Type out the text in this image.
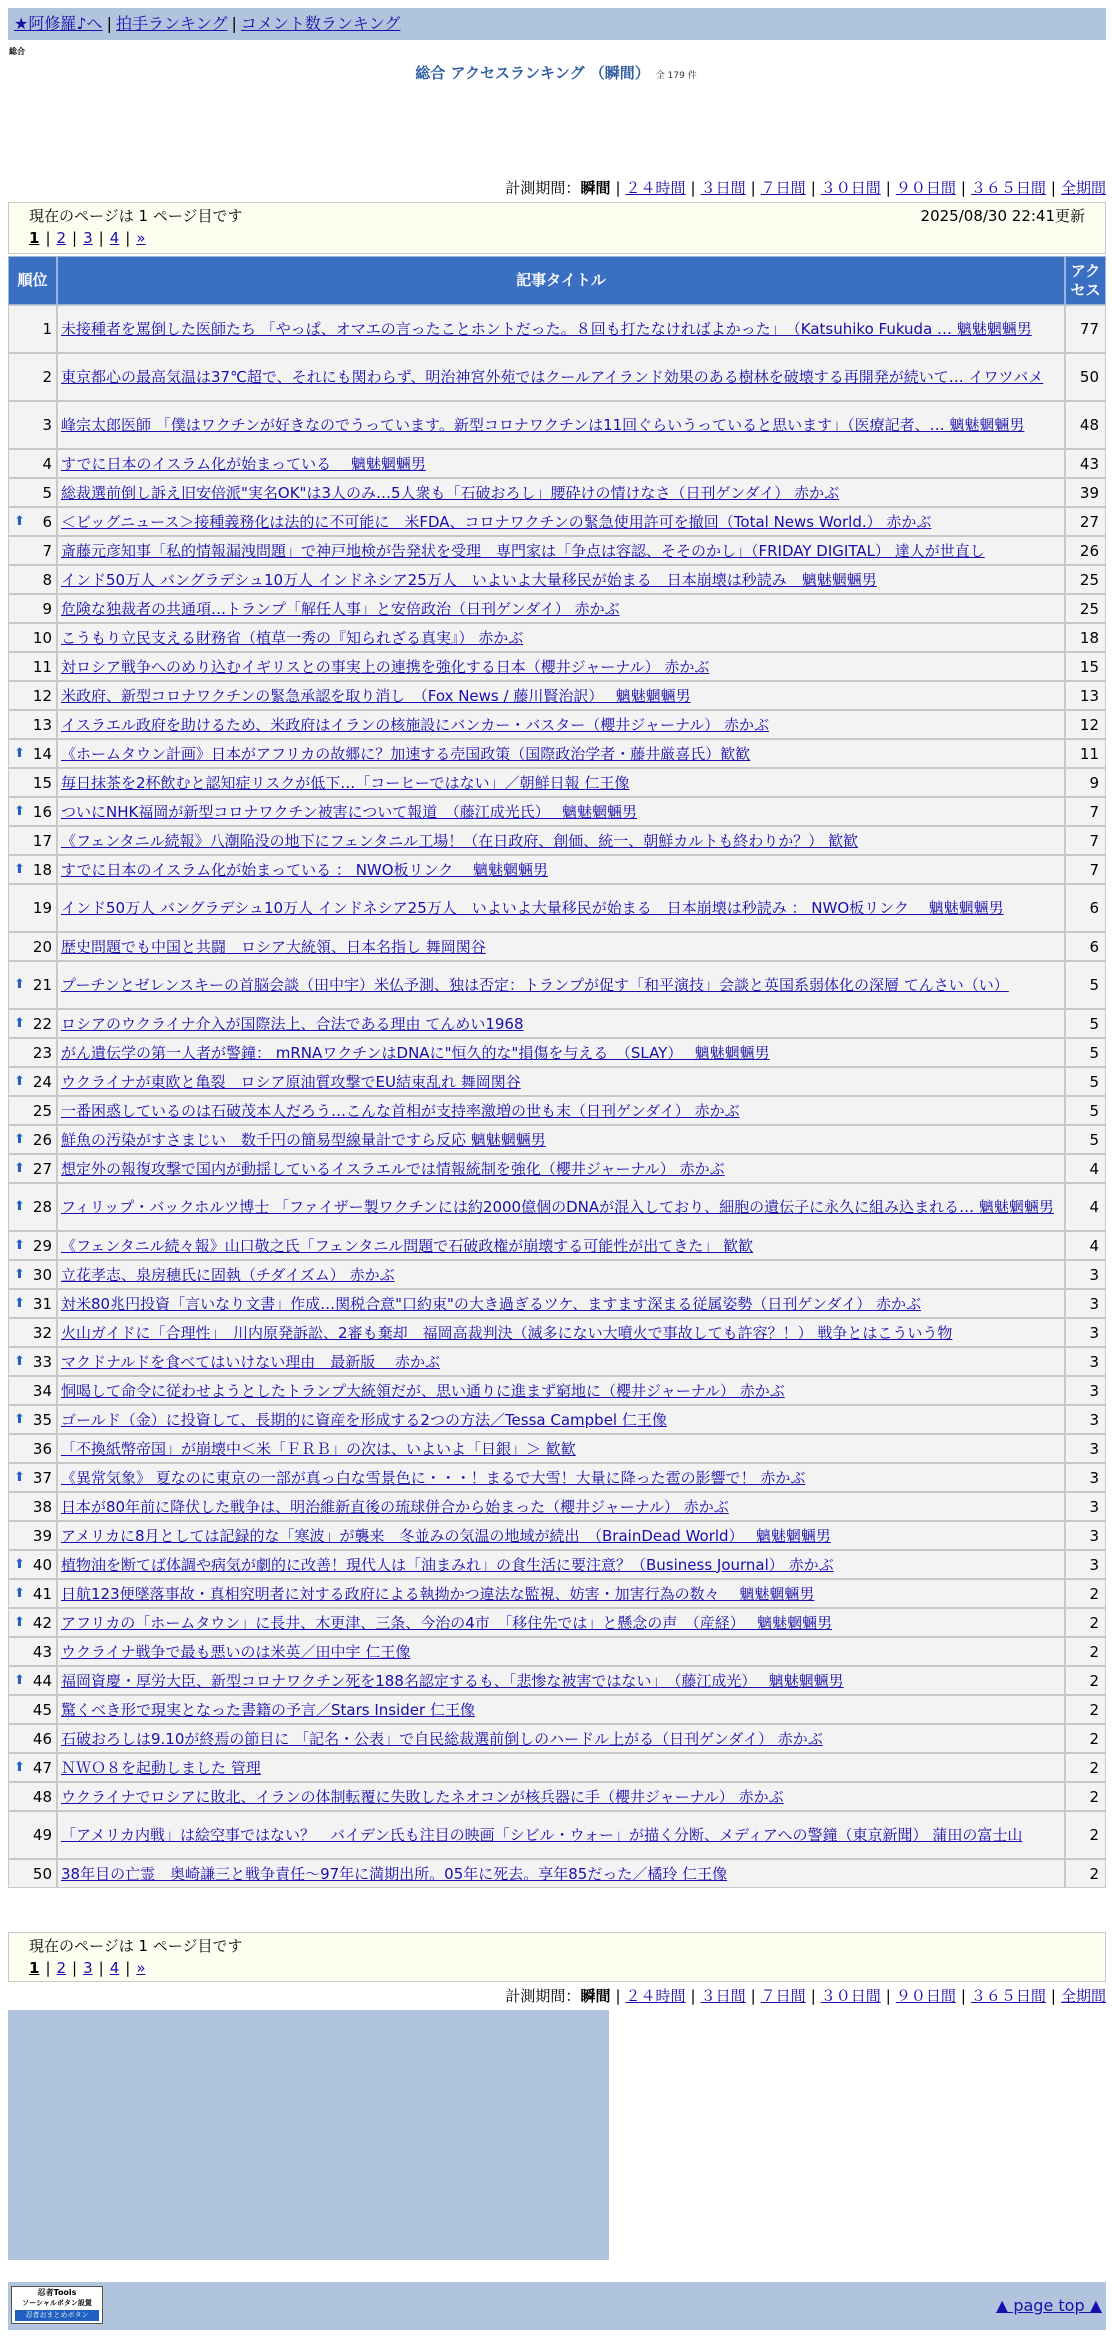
★阿修羅♪へ | 拍手ランキング | コメント数ランキング
総合
総合 アクセスランキング （瞬間） 全 179 件
計測期間：瞬間 | ２４時間 | ３日間 | ７日間 | ３０日間 | ９０日間 | ３６５日間 | 全期間
現在のページは 1 ページ目です	2025/08/30 22:41更新
1 | 2 | 3 | 4 | »
順位	記事タイトル	アクセス
1	未接種者を罵倒した医師たち 「やっぱ、オマエの言ったことホントだった。８回も打たなければよかった」　（Katsuhiko Fukuda … 魑魅魍魎男	77
2	東京都心の最高気温は37℃超で、それにも関わらず、明治神宮外苑ではクールアイランド効果のある樹林を破壊する再開発が続いて… イワツバメ	50
3	峰宗太郎医師 「僕はワクチンが好きなのでうっています。新型コロナワクチンは11回ぐらいうっていると思います」（医療記者、… 魑魅魍魎男	48
4	すでに日本のイスラム化が始まっている　 魑魅魍魎男	43
5	総裁選前倒し訴え旧安倍派"実名OK"は3人のみ…5人衆も「石破おろし」腰砕けの情けなさ（日刊ゲンダイ） 赤かぶ	39

⬆ 6	＜ビッグニュース＞接種義務化は法的に不可能に　米FDA、コロナワクチンの緊急使用許可を撤回（Total News World.） 赤かぶ	27
7	斎藤元彦知事「私的情報漏洩問題」で神戸地検が告発状を受理　専門家は「争点は容認、そそのかし」（FRIDAY DIGITAL） 達人が世直し	26
8	インド50万人 バングラデシュ10万人 インドネシア25万人　いよいよ大量移民が始まる　日本崩壊は秒読み　魑魅魍魎男	25
9	危険な独裁者の共通項…トランプ「解任人事」と安倍政治（日刊ゲンダイ） 赤かぶ	25
10	こうもり立民支える財務省（植草一秀の『知られざる真実』） 赤かぶ	18
11	対ロシア戦争へのめり込むイギリスとの事実上の連携を強化する日本（櫻井ジャーナル） 赤かぶ	15
12	米政府、新型コロナワクチンの緊急承認を取り消し　（Fox News / 藤川賢治訳）　 魑魅魍魎男	13
13	イスラエル政府を助けるため、米政府はイランの核施設にバンカー・バスター（櫻井ジャーナル） 赤かぶ	12

⬆ 14	《ホームタウン計画》日本がアフリカの故郷に？加速する売国政策（国際政治学者・藤井厳喜氏）歓歓	11
15	毎日抹茶を2杯飲むと認知症リスクが低下…「コーヒーではない」／朝鮮日報 仁王像	9

⬆ 16	ついにNHK福岡が新型コロナワクチン被害について報道　（藤江成光氏）　 魑魅魍魎男	7
17	《フェンタニル続報》八潮陥没の地下にフェンタニル工場！（在日政府、創価、統一、朝鮮カルトも終わりか？） 歓歓	7

⬆ 18	すでに日本のイスラム化が始まっている ： NWO板リンク　 魑魅魍魎男	7
19	インド50万人 バングラデシュ10万人 インドネシア25万人　いよいよ大量移民が始まる　日本崩壊は秒読み ： NWO板リンク　 魑魅魍魎男	6
20	歴史問題でも中国と共闘　ロシア大統領、日本名指し 舞岡関谷	6

⬆ 21	プーチンとゼレンスキーの首脳会談（田中宇）米仏予測、独は否定：トランプが促す「和平演技」会談と英国系弱体化の深層 てんさい（い）	5

⬆ 22	ロシアのウクライナ介入が国際法上、合法である理由 てんめい1968	5
23	がん遺伝学の第一人者が警鐘： mRNAワクチンはDNAに"恒久的な"損傷を与える　（SLAY）　 魑魅魍魎男	5

⬆ 24	ウクライナが東欧と亀裂　ロシア原油質攻撃でEU結束乱れ 舞岡関谷	5
25	一番困惑しているのは石破茂本人だろう…こんな首相が支持率激増の世も末（日刊ゲンダイ） 赤かぶ	5

⬆ 26	鮮魚の汚染がすさまじい　数千円の簡易型線量計ですら反応 魑魅魍魎男	5

⬆ 27	想定外の報復攻撃で国内が動揺しているイスラエルでは情報統制を強化（櫻井ジャーナル） 赤かぶ	4

⬆ 28	フィリップ・バックホルツ博士 「ファイザー製ワクチンには約2000億個のDNAが混入しており、細胞の遺伝子に永久に組み込まれる… 魑魅魍魎男	4

⬆ 29	《フェンタニル続々報》山口敬之氏「フェンタニル問題で石破政権が崩壊する可能性が出てきた」 歓歓	4

⬆ 30	立花孝志、泉房穂氏に固執（チダイズム） 赤かぶ	3

⬆ 31	対米80兆円投資「言いなり文書」作成…関税合意"口約束"の大き過ぎるツケ、ますます深まる従属姿勢（日刊ゲンダイ） 赤かぶ	3
32	火山ガイドに「合理性」　川内原発訴訟、2審も棄却　福岡高裁判決（滅多にない大噴火で事故しても許容？！） 戦争とはこういう物	3

⬆ 33	マクドナルドを食べてはいけない理由　最新版　 赤かぶ	3
34	恫喝して命令に従わせようとしたトランプ大統領だが、思い通りに進まず窮地に（櫻井ジャーナル） 赤かぶ	3

⬆ 35	ゴールド（金）に投資して、長期的に資産を形成する2つの方法／Tessa Campbel 仁王像	3
36	「不換紙幣帝国」が崩壊中＜米「ＦＲＢ」の次は、いよいよ「日銀」＞ 歓歓	3

⬆ 37	《異常気象》 夏なのに東京の一部が真っ白な雪景色に・・・！まるで大雪！大量に降った雹の影響で！ 赤かぶ	3
38	日本が80年前に降伏した戦争は、明治維新直後の琉球併合から始まった（櫻井ジャーナル） 赤かぶ	3
39	アメリカに8月としては記録的な「寒波」が襲来　冬並みの気温の地域が続出　（BrainDead World）　 魑魅魍魎男	3

⬆ 40	植物油を断てば体調や病気が劇的に改善！現代人は「油まみれ」の食生活に要注意？（Business Journal） 赤かぶ	3

⬆ 41	日航123便墜落事故・真相究明者に対する政府による執拗かつ違法な監視、妨害・加害行為の数々　 魑魅魍魎男	2

⬆ 42	アフリカの「ホームタウン」に長井、木更津、三条、今治の4市　「移住先では」と懸念の声　（産経）　 魑魅魍魎男	2
43	ウクライナ戦争で最も悪いのは米英／田中宇 仁王像	2

⬆ 44	福岡資慶・厚労大臣、新型コロナワクチン死を188名認定するも、「悲惨な被害ではない」　（藤江成光）　 魑魅魍魎男	2
45	驚くべき形で現実となった書籍の予言／Stars Insider 仁王像	2
46	石破おろしは9.10が終焉の節目に 「記名・公表」で自民総裁選前倒しのハードル上がる（日刊ゲンダイ） 赤かぶ	2

⬆ 47	ＮＷＯ８を起動しました 管理	2
48	ウクライナでロシアに敗北、イランの体制転覆に失敗したネオコンが核兵器に手（櫻井ジャーナル） 赤かぶ	2
49	「アメリカ内戦」は絵空事ではない？　バイデン氏も注目の映画「シビル・ウォー」が描く分断、メディアへの警鐘（東京新聞） 蒲田の富士山	2
50	38年目の亡霊　奥崎謙三と戦争責任〜97年に満期出所。05年に死去。享年85だった／橘玲 仁王像	2
現在のページは 1 ページ目です
1 | 2 | 3 | 4 | »
計測期間：瞬間 | ２４時間 | ３日間 | ７日間 | ３０日間 | ９０日間 | ３６５日間 | 全期間
忍者Tools
ソーシャルボタン設置
忍者おまとめボタン	▲ page top ▲
